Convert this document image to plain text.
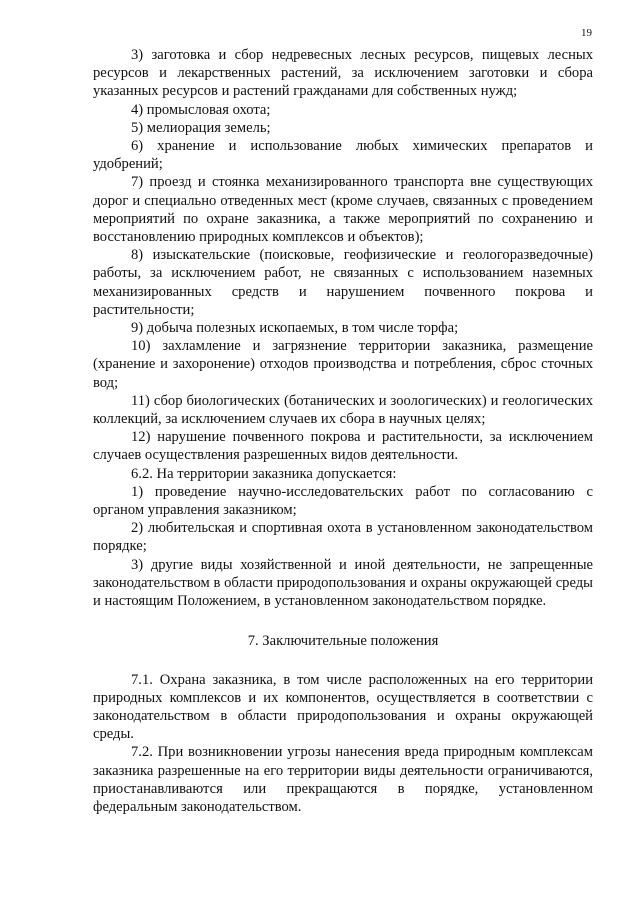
19

3) заготовка и сбор недревесных лесных ресурсов, пищевых лесных ресурсов и лекарственных растений, за исключением заготовки и сбора указанных ресурсов и растений гражданами для собственных нужд;

4) промысловая охота;

5) мелиорация земель;

6) хранение и использование любых химических препаратов и удобрений;

7) проезд и стоянка механизированного транспорта вне существующих дорог и специально отведенных мест (кроме случаев, связанных с проведением мероприятий по охране заказника, а также мероприятий по сохранению и восстановлению природных комплексов и объектов);

8) изыскательские (поисковые, геофизические и геологоразведочные) работы, за исключением работ, не связанных с использованием наземных механизированных средств и нарушением почвенного покрова и растительности;

9) добыча полезных ископаемых, в том числе торфа;

10) захламление и загрязнение территории заказника, размещение (хранение и захоронение) отходов производства и потребления, сброс сточных вод;

11) сбор биологических (ботанических и зоологических) и геологических коллекций, за исключением случаев их сбора в научных целях;

12) нарушение почвенного покрова и растительности, за исключением случаев осуществления разрешенных видов деятельности.

6.2. На территории заказника допускается:

1) проведение научно-исследовательских работ по согласованию с органом управления заказником;

2) любительская и спортивная охота в установленном законодательством порядке;

3) другие виды хозяйственной и иной деятельности, не запрещенные законодательством в области природопользования и охраны окружающей среды и настоящим Положением, в установленном законодательством порядке.

7. Заключительные положения

7.1. Охрана заказника, в том числе расположенных на его территории природных комплексов и их компонентов, осуществляется в соответствии с законодательством в области природопользования и охраны окружающей среды.

7.2. При возникновении угрозы нанесения вреда природным комплексам заказника разрешенные на его территории виды деятельности ограничиваются, приостанавливаются или прекращаются в порядке, установленном федеральным законодательством.
